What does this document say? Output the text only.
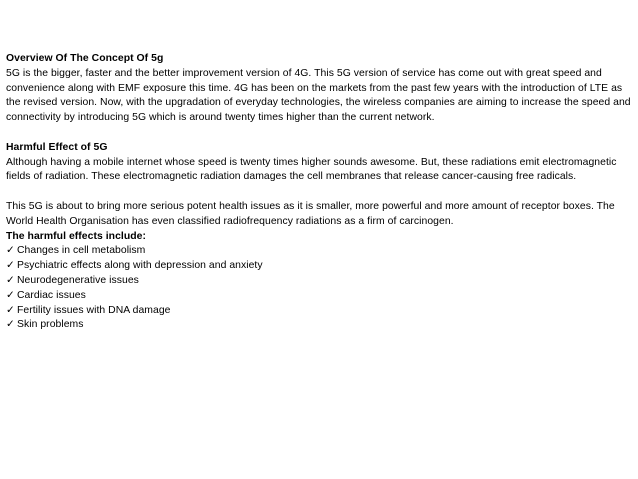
Overview Of The Concept Of 5g

5G is the bigger, faster and the better improvement version of 4G. This 5G version of service has come out with great speed and convenience along with EMF exposure this time. 4G has been on the markets from the past few years with the introduction of LTE as the revised version. Now, with the upgradation of everyday technologies, the wireless companies are aiming to increase the speed and connectivity by introducing 5G which is around twenty times higher than the current network.

Harmful Effect of 5G

Although having a mobile internet whose speed is twenty times higher sounds awesome. But, these radiations emit electromagnetic fields of radiation. These electromagnetic radiation damages the cell membranes that release cancer-causing free radicals.

This 5G is about to bring more serious potent health issues as it is smaller, more powerful and more amount of receptor boxes. The World Health Organisation has even classified radiofrequency radiations as a firm of carcinogen.

The harmful effects include:

✓ Changes in cell metabolism
✓ Psychiatric effects along with depression and anxiety
✓ Neurodegenerative issues
✓ Cardiac issues
✓ Fertility issues with DNA damage
✓ Skin problems
